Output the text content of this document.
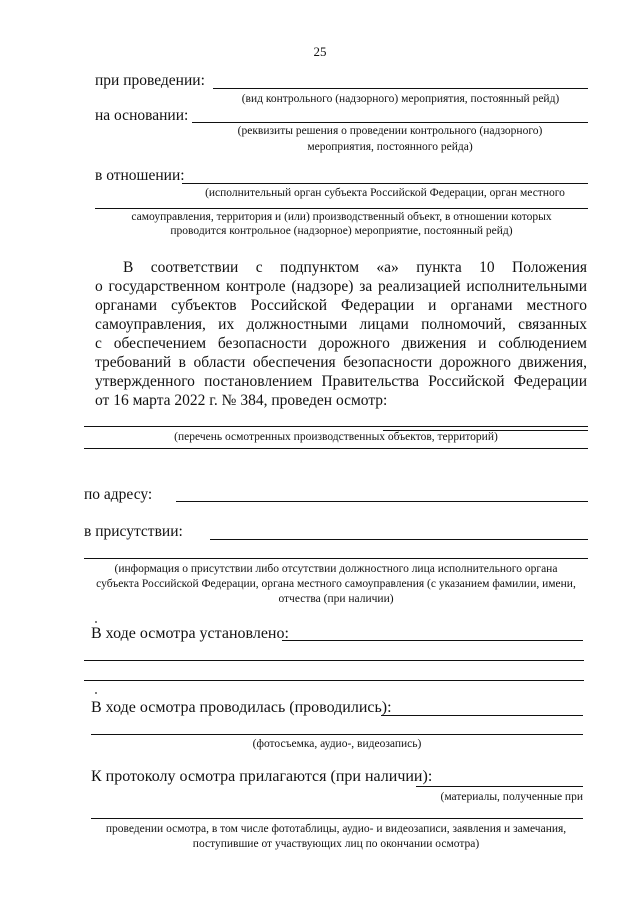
25
при проведении:
(вид контрольного (надзорного) мероприятия, постоянный рейд)
на основании:
(реквизиты решения о проведении контрольного (надзорного)
мероприятия, постоянного рейда)
в отношении:
(исполнительный орган субъекта Российской Федерации, орган местного
самоуправления, территория и (или) производственный объект, в отношении которых
проводится контрольное (надзорное) мероприятие, постоянный рейд)
В соответствии с подпунктом «а» пункта 10 Положения
о государственном контроле (надзоре) за реализацией исполнительными
органами субъектов Российской Федерации и органами местного
самоуправления, их должностными лицами полномочий, связанных
с обеспечением безопасности дорожного движения и соблюдением
требований в области обеспечения безопасности дорожного движения,
утвержденного постановлением Правительства Российской Федерации
от 16 марта 2022 г. № 384, проведен осмотр:
(перечень осмотренных производственных объектов, территорий)
по адресу:
в присутствии:
(информация о присутствии либо отсутствии должностного лица исполнительного органа
субъекта Российской Федерации, органа местного самоуправления (с указанием фамилии, имени,
отчества (при наличии)
В ходе осмотра установлено:
В ходе осмотра проводилась (проводились):
(фотосъемка, аудио-, видеозапись)
К протоколу осмотра прилагаются (при наличии):
(материалы, полученные при
проведении осмотра, в том числе фототаблицы, аудио- и видеозаписи, заявления и замечания,
поступившие от участвующих лиц по окончании осмотра)
